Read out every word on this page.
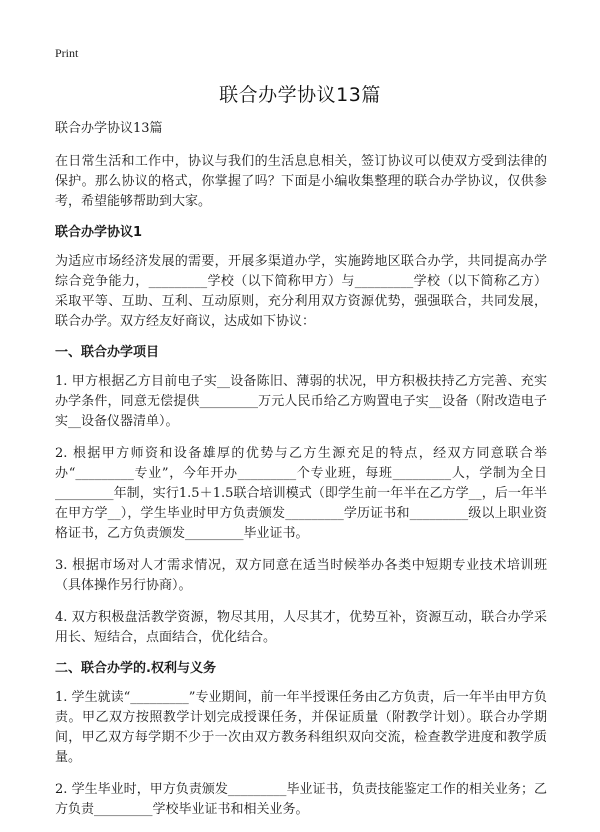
Print
联合办学协议13篇

联合办学协议13篇

在日常生活和工作中，协议与我们的生活息息相关，签订协议可以使双方受到法律的保护。那么协议的格式，你掌握了吗？下面是小编收集整理的联合办学协议，仅供参考，希望能够帮助到大家。

联合办学协议1

为适应市场经济发展的需要，开展多渠道办学，实施跨地区联合办学，共同提高办学综合竞争能力，_________学校（以下简称甲方）与_________学校（以下简称乙方）采取平等、互助、互利、互动原则，充分利用双方资源优势，强强联合，共同发展，联合办学。双方经友好商议，达成如下协议：

一、联合办学项目

1. 甲方根据乙方目前电子实__设备陈旧、薄弱的状况，甲方积极扶持乙方完善、充实办学条件，同意无偿提供_________万元人民币给乙方购置电子实__设备（附改造电子实__设备仪器清单）。

2. 根据甲方师资和设备雄厚的优势与乙方生源充足的特点，经双方同意联合举办“_________专业”，今年开办_________个专业班，每班_________人，学制为全日_________年制，实行1.5＋1.5联合培训模式（即学生前一年半在乙方学__，后一年半在甲方学__），学生毕业时甲方负责颁发_________学历证书和_________级以上职业资格证书，乙方负责颁发_________毕业证书。

3. 根据市场对人才需求情况，双方同意在适当时候举办各类中短期专业技术培训班（具体操作另行协商）。

4. 双方积极盘活教学资源，物尽其用，人尽其才，优势互补，资源互动，联合办学采用长、短结合，点面结合，优化结合。

二、联合办学的.权利与义务

1. 学生就读“_________”专业期间，前一年半授课任务由乙方负责，后一年半由甲方负责。甲乙双方按照教学计划完成授课任务，并保证质量（附教学计划）。联合办学期间，甲乙双方每学期不少于一次由双方教务科组织双向交流，检查教学进度和教学质量。

2. 学生毕业时，甲方负责颁发_________毕业证书，负责技能鉴定工作的相关业务；乙方负责_________学校毕业证书和相关业务。
